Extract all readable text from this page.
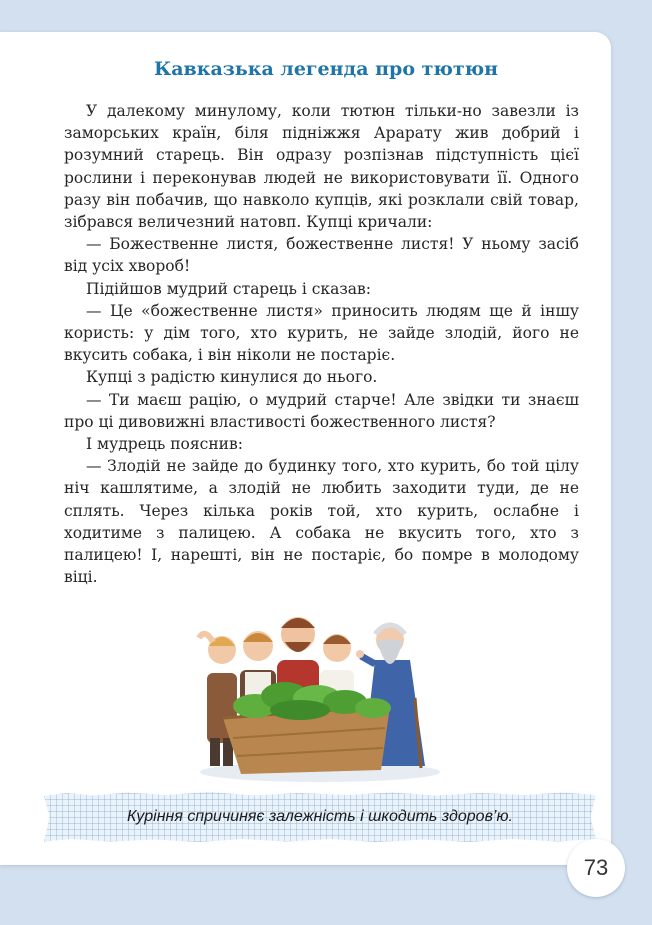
Кавказька легенда про тютюн

У далекому минулому, коли тютюн тільки-но завезли із заморських країн, біля підніжжя Арарату жив добрий і розумний старець. Він одразу розпізнав підступність цієї рослини і переконував людей не використовувати її. Одного разу він побачив, що навколо купців, які розклали свій товар, зібрався величезний натовп. Купці кричали:

— Божественне листя, божественне листя! У ньому засіб від усіх хвороб!

Підійшов мудрий старець і сказав:

— Це «божественне листя» приносить людям ще й іншу користь: у дім того, хто курить, не зайде злодій, його не вкусить собака, і він ніколи не постаріє.

Купці з радістю кинулися до нього.

— Ти маєш рацію, о мудрий старче! Але звідки ти знаєш про ці дивовижні властивості божественного листя?

І мудрець пояснив:

— Злодій не зайде до будинку того, хто курить, бо той цілу ніч кашлятиме, а злодій не любить заходити туди, де не сплять. Через кілька років той, хто курить, ослабне і ходитиме з палицею. А собака не вкусить того, хто з палицею! І, нарешті, він не постаріє, бо помре в молодому віці.

Куріння спричиняє залежність і шкодить здоров’ю.
73
